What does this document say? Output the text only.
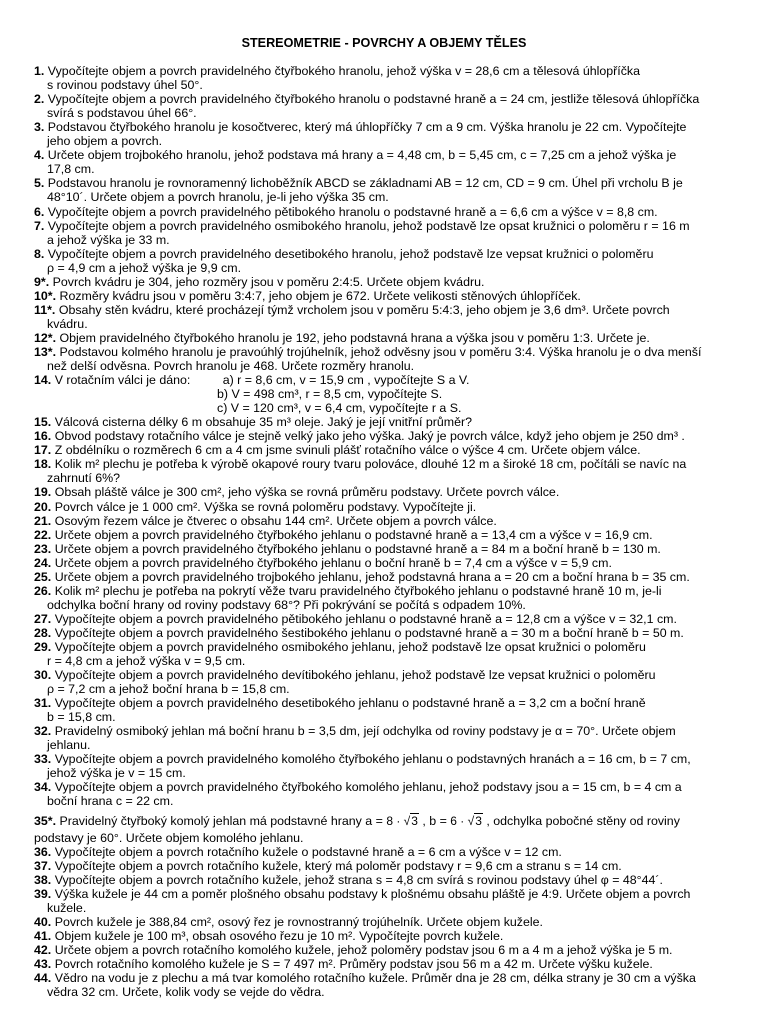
STEREOMETRIE - POVRCHY A OBJEMY TĚLES
1. Vypočítejte objem a povrch pravidelného čtyřbokého hranolu, jehož výška v = 28,6 cm a tělesová úhlopříčka
s rovinou podstavy úhel 50°.
2. Vypočítejte objem a povrch pravidelného čtyřbokého hranolu o podstavné hraně a = 24 cm, jestliže tělesová úhlopříčka
svírá s podstavou úhel 66°.
3. Podstavou čtyřbokého hranolu je kosočtverec, který má úhlopříčky 7 cm a 9 cm. Výška hranolu je 22 cm. Vypočítejte
jeho objem a povrch.
4. Určete objem trojbokého hranolu, jehož podstava má hrany a = 4,48 cm, b = 5,45 cm, c = 7,25 cm a jehož výška je
17,8 cm.
5. Podstavou hranolu je rovnoramenný lichoběžník ABCD se základnami AB = 12 cm, CD = 9 cm. Úhel při vrcholu B je
48°10´. Určete objem a povrch hranolu, je-li jeho výška 35 cm.
6. Vypočítejte objem a povrch pravidelného pětibokého hranolu o podstavné hraně a = 6,6 cm a výšce v = 8,8 cm.
7. Vypočítejte objem a povrch pravidelného osmibokého hranolu, jehož podstavě lze opsat kružnici o poloměru r = 16 m
a jehož výška je 33 m.
8. Vypočítejte objem a povrch pravidelného desetibokého hranolu, jehož podstavě lze vepsat kružnici o poloměru
ρ = 4,9 cm a jehož výška je 9,9 cm.
9*. Povrch kvádru je 304, jeho rozměry jsou v poměru 2:4:5. Určete objem kvádru.
10*. Rozměry kvádru jsou v poměru 3:4:7, jeho objem je 672. Určete velikosti stěnových úhlopříček.
11*. Obsahy stěn kvádru, které procházejí týmž vrcholem jsou v poměru 5:4:3, jeho objem je 3,6 dm³. Určete povrch
kvádru.
12*. Objem pravidelného čtyřbokého hranolu je 192, jeho podstavná hrana a výška jsou v poměru 1:3. Určete je.
13*. Podstavou kolmého hranolu je pravoúhlý trojúhelník, jehož odvěsny jsou v poměru 3:4. Výška hranolu je o dva menší
než delší odvěsna. Povrch hranolu je 468. Určete rozměry hranolu.
14. V rotačním válci je dáno:	a) r = 8,6 cm, v = 15,9 cm , vypočítejte S a V.
b) V = 498 cm³, r = 8,5 cm, vypočítejte S.
c) V = 120 cm³, v = 6,4 cm, vypočítejte r a S.
15. Válcová cisterna délky 6 m obsahuje 35 m³ oleje. Jaký je její vnitřní průměr?
16. Obvod podstavy rotačního válce je stejně velký jako jeho výška. Jaký je povrch válce, když jeho objem je 250 dm³ .
17. Z obdélníku o rozměrech 6 cm a 4 cm jsme svinuli plášť rotačního válce o výšce 4 cm. Určete objem válce.
18. Kolik m² plechu je potřeba k výrobě okapové roury tvaru polováce, dlouhé 12 m a široké 18 cm, počítáli se navíc na
zahrnutí 6%?
19. Obsah pláště válce je 300 cm², jeho výška se rovná průměru podstavy. Určete povrch válce.
20. Povrch válce je 1 000 cm². Výška se rovná poloměru podstavy. Vypočítejte ji.
21. Osovým řezem válce je čtverec o obsahu 144 cm². Určete objem a povrch válce.
22. Určete objem a povrch pravidelného čtyřbokého jehlanu o podstavné hraně a = 13,4 cm a výšce v = 16,9 cm.
23. Určete objem a povrch pravidelného čtyřbokého jehlanu o podstavné hraně a = 84 m a boční hraně b = 130 m.
24. Určete objem a povrch pravidelného čtyřbokého jehlanu o boční hraně b = 7,4 cm a výšce v = 5,9 cm.
25. Určete objem a povrch pravidelného trojbokého jehlanu, jehož podstavná hrana a = 20 cm a boční hrana b = 35 cm.
26. Kolik m² plechu je potřeba na pokrytí věže tvaru pravidelného čtyřbokého jehlanu o podstavné hraně 10 m, je-li
odchylka boční hrany od roviny podstavy 68°? Při pokrývání se počítá s odpadem 10%.
27. Vypočítejte objem a povrch pravidelného pětibokého jehlanu o podstavné hraně a = 12,8 cm a výšce v = 32,1 cm.
28. Vypočítejte objem a povrch pravidelného šestibokého jehlanu o podstavné hraně a = 30 m a boční hraně b = 50 m.
29. Vypočítejte objem a povrch pravidelného osmibokého jehlanu, jehož podstavě lze opsat kružnici o poloměru
r = 4,8 cm a jehož výška v = 9,5 cm.
30. Vypočítejte objem a povrch pravidelného devítibokého jehlanu, jehož podstavě lze vepsat kružnici o poloměru
ρ = 7,2 cm a jehož boční hrana b = 15,8 cm.
31. Vypočítejte objem a povrch pravidelného desetibokého jehlanu o podstavné hraně a = 3,2 cm a boční hraně
b = 15,8 cm.
32. Pravidelný osmiboký jehlan má boční hranu b = 3,5 dm, její odchylka od roviny podstavy je α = 70°. Určete objem
jehlanu.
33. Vypočítejte objem a povrch pravidelného komolého čtyřbokého jehlanu o podstavných hranách a = 16 cm, b = 7 cm,
jehož výška je v = 15 cm.
34. Vypočítejte objem a povrch pravidelného čtyřbokého komolého jehlanu, jehož podstavy jsou a = 15 cm, b = 4 cm a
boční hrana c = 22 cm.
35*. Pravidelný čtyřboký komolý jehlan má podstavné hrany a = 8 · √3 , b = 6 · √3 , odchylka pobočné stěny od roviny
podstavy je 60°. Určete objem komolého jehlanu.
36. Vypočítejte objem a povrch rotačního kužele o podstavné hraně a = 6 cm a výšce v = 12 cm.
37. Vypočítejte objem a povrch rotačního kužele, který má poloměr podstavy r = 9,6 cm a stranu s = 14 cm.
38. Vypočítejte objem a povrch rotačního kužele, jehož strana s = 4,8 cm svírá s rovinou podstavy úhel φ = 48°44´.
39. Výška kužele je 44 cm a poměr plošného obsahu podstavy k plošnému obsahu pláště je 4:9. Určete objem a povrch
kužele.
40. Povrch kužele je 388,84 cm², osový řez je rovnostranný trojúhelník. Určete objem kužele.
41. Objem kužele je 100 m³, obsah osového řezu je 10 m². Vypočítejte povrch kužele.
42. Určete objem a povrch rotačního komolého kužele, jehož poloměry podstav jsou 6 m a 4 m a jehož výška je 5 m.
43. Povrch rotačního komolého kužele je S = 7 497 m². Průměry podstav jsou 56 m a 42 m. Určete výšku kužele.
44. Vědro na vodu je z plechu a má tvar komolého rotačního kužele. Průměr dna je 28 cm, délka strany je 30 cm a výška
vědra 32 cm. Určete, kolik vody se vejde do vědra.
